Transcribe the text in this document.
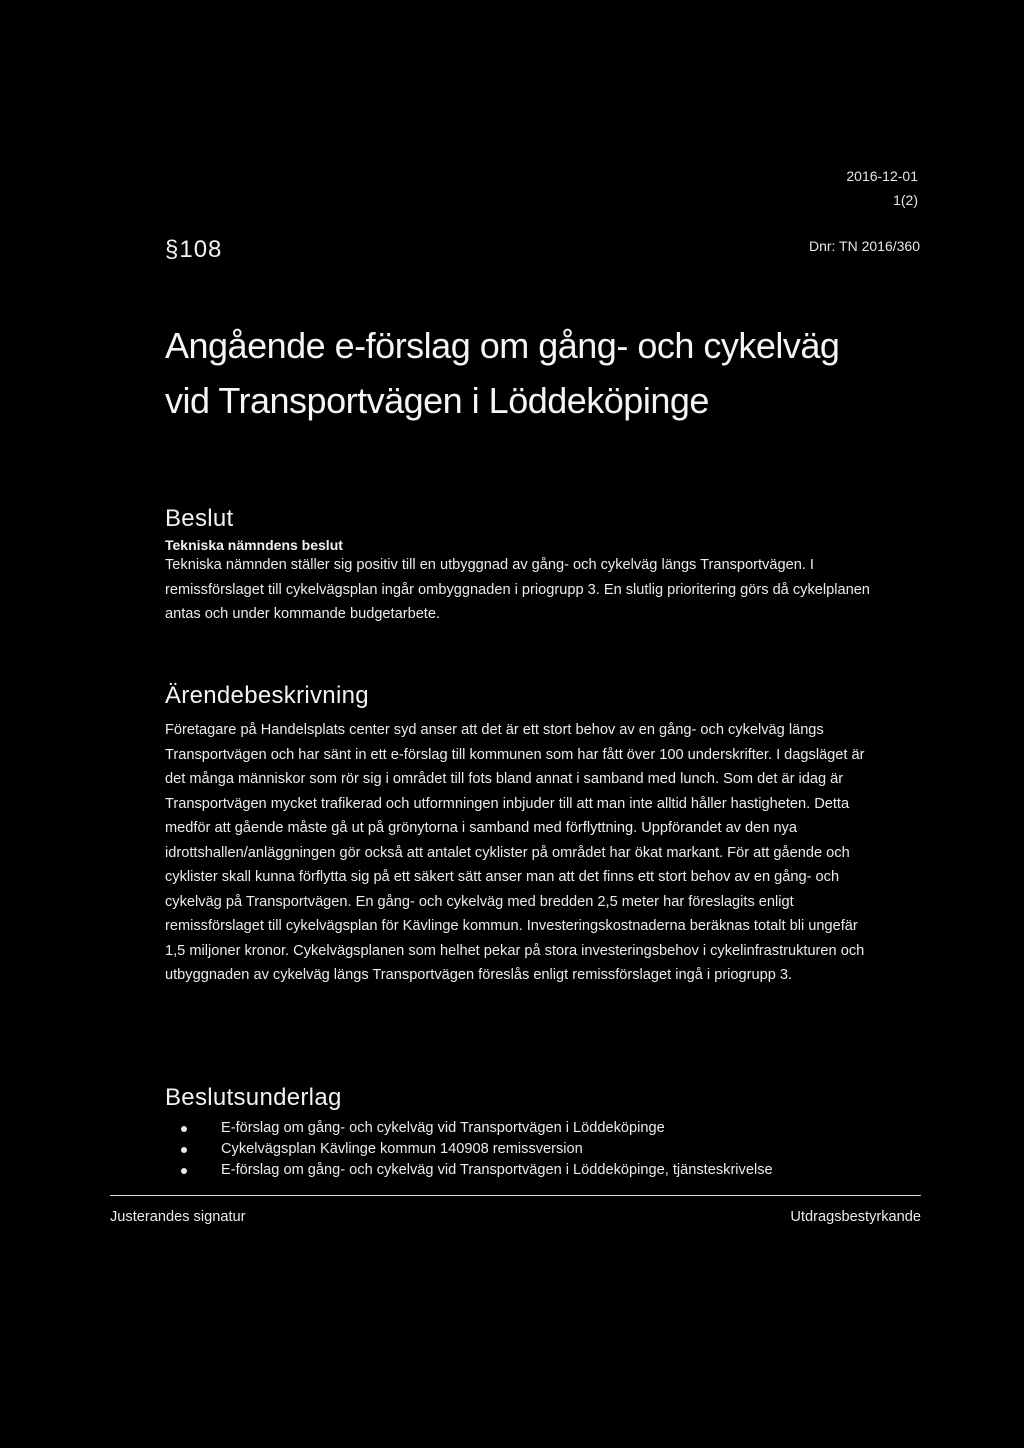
2016-12-01
1(2)
§108	Dnr: TN 2016/360
Angående e-förslag om gång- och cykelväg vid Transportvägen i Löddeköpinge
Beslut
Tekniska nämndens beslut

Tekniska nämnden ställer sig positiv till en utbyggnad av gång- och cykelväg längs Transportvägen. I remissförslaget till cykelvägsplan ingår ombyggnaden i priogrupp 3. En slutlig prioritering görs då cykelplanen antas och under kommande budgetarbete.

Ärendebeskrivning

Företagare på Handelsplats center syd anser att det är ett stort behov av en gång- och cykelväg längs Transportvägen och har sänt in ett e-förslag till kommunen som har fått över 100 underskrifter. I dagsläget är det många människor som rör sig i området till fots bland annat i samband med lunch. Som det är idag är Transportvägen mycket trafikerad och utformningen inbjuder till att man inte alltid håller hastigheten. Detta medför att gående måste gå ut på grönytorna i samband med förflyttning. Uppförandet av den nya idrottshallen/anläggningen gör också att antalet cyklister på området har ökat markant. För att gående och cyklister skall kunna förflytta sig på ett säkert sätt anser man att det finns ett stort behov av en gång- och cykelväg på Transportvägen. En gång- och cykelväg med bredden 2,5 meter har föreslagits enligt remissförslaget till cykelvägsplan för Kävlinge kommun. Investeringskostnaderna beräknas totalt bli ungefär 1,5 miljoner kronor. Cykelvägsplanen som helhet pekar på stora investeringsbehov i cykelinfrastrukturen och utbyggnaden av cykelväg längs Transportvägen föreslås enligt remissförslaget ingå i priogrupp 3.

Beslutsunderlag
E-förslag om gång- och cykelväg vid Transportvägen i Löddeköpinge
Cykelvägsplan Kävlinge kommun 140908 remissversion
E-förslag om gång- och cykelväg vid Transportvägen i Löddeköpinge, tjänsteskrivelse
Justerandes signatur	Utdragsbestyrkande
